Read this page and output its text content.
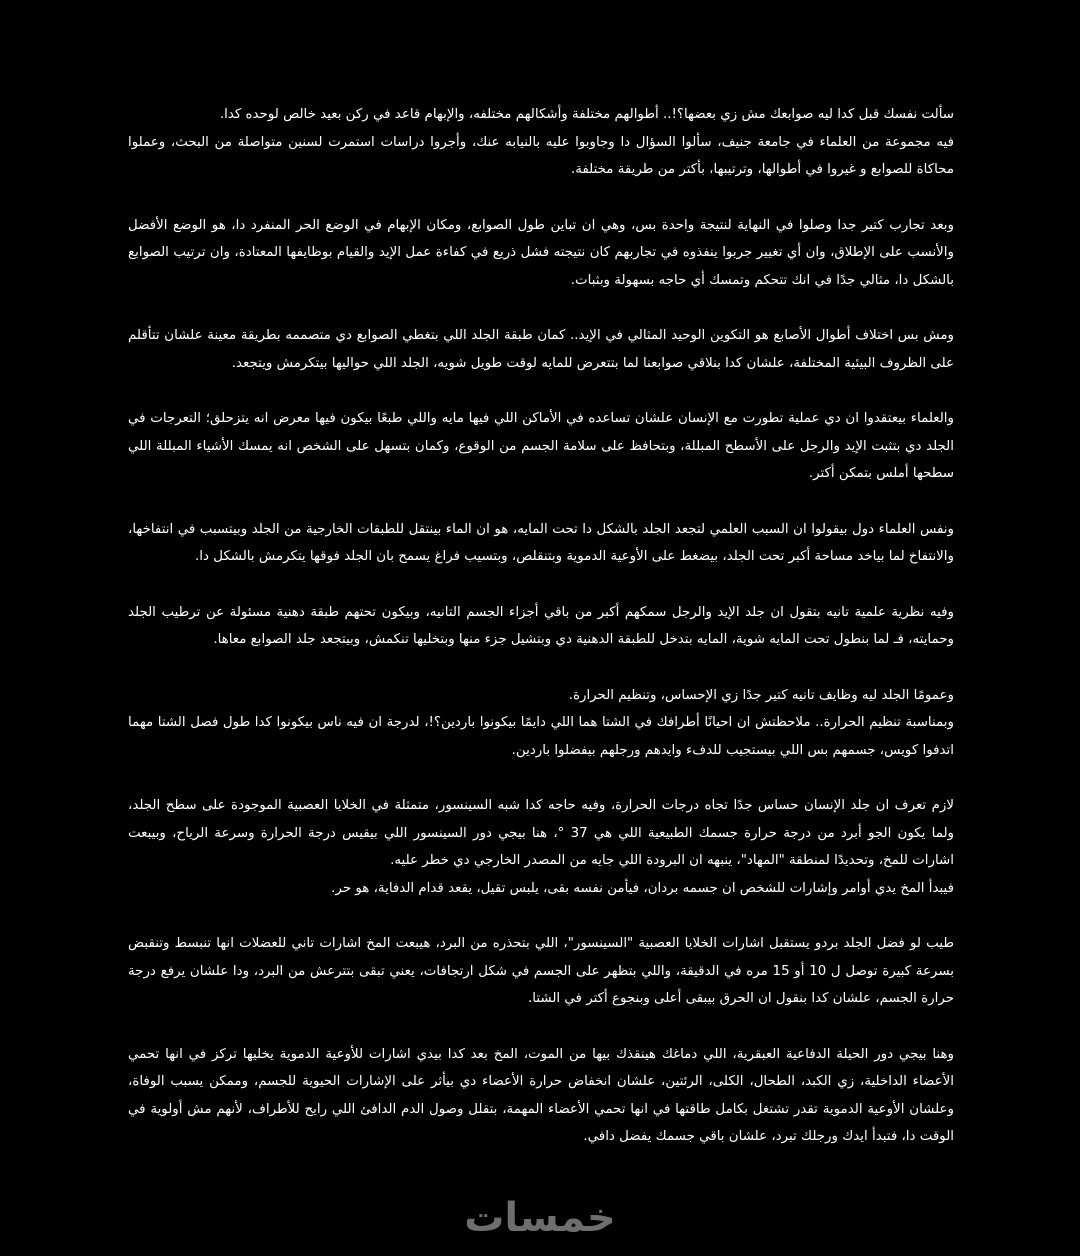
سألت نفسك قبل كدا ليه صوابعك مش زي بعضها؟!.. أطوالهم مختلفة وأشكالهم مختلفه، والإبهام قاعد في ركن بعيد خالص لوحده كدا.
فيه مجموعة من العلماء في جامعة جنيف، سألوا السؤال دا وجاوبوا عليه بالنيابه عنك، وأجروا دراسات استمرت لسنين متواصلة من البحث، وعملوا محاكاة للصوابع و غيروا في أطوالها، وترتيبها، بأكتر من طريقة مختلفة.

وبعد تجارب كتير جدا وصلوا في النهاية لنتيجة واحدة بس، وهي ان تباين طول الصوابع، ومكان الإبهام في الوضع الحر المنفرد دا، هو الوضع الأفضل والأنسب على الإطلاق، وان أي تغيير جربوا ينفذوه في تجاربهم كان نتيجته فشل ذريع في كفاءة عمل الإيد والقيام بوظايفها المعتادة، وان ترتيب الصوابع بالشكل دا، مثالي جدًا في انك تتحكم وتمسك أي حاجه بسهولة وبثبات.

ومش بس اختلاف أطوال الأصابع هو التكوين الوحيد المثالي في الإيد.. كمان طبقة الجلد اللي بتغطي الصوابع دي متصممه بطريقة معينة علشان تتأقلم على الظروف البيئية المختلفة، علشان كدا بنلاقي صوابعنا لما بتتعرض للمايه لوقت طويل شويه، الجلد اللي حواليها بيتكرمش ويتجعد.

والعلماء بيعتقدوا ان دي عملية تطورت مع الإنسان علشان تساعده في الأماكن اللي فيها مايه واللي طبعًا بيكون فيها معرض انه يتزحلق؛ التعرجات في الجلد دي بتثبت الإيد والرجل على الأسطح المبللة، وبتحافظ على سلامة الجسم من الوقوع، وكمان بتسهل على الشخص انه يمسك الأشياء المبللة اللي سطحها أملس بتمكن أكتر.

ونفس العلماء دول بيقولوا ان السبب العلمي لتجعد الجلد بالشكل دا تحت المايه، هو ان الماء بينتقل للطبقات الخارجية من الجلد وبيتسبب في انتفاخها، والانتفاخ لما بياخد مساحة أكبر تحت الجلد، بيضغط على الأوعية الدموية وبتنقلص، وبتسيب فراغ يسمح بان الجلد فوقها يتكرمش بالشكل دا.

وفيه نظرية علمية تانيه بتقول ان جلد الإيد والرجل سمكهم أكبر من باقي أجزاء الجسم التانيه، وبيكون تحتهم طبقة دهنية مسئولة عن ترطيب الجلد وحمايته، فـ لما بنطول تحت المايه شوية، المايه بتدخل للطبقة الدهنية دي وبتشيل جزء منها وبتخليها تنكمش، وبيتجعد جلد الصوابع معاها.

وعمومًا الجلد ليه وظايف تانيه كتير جدًا زي الإحساس، وتنظيم الحرارة.
وبمناسبة تنظيم الحرارة.. ملاحظتش ان احيانًا أطرافك في الشتا هما اللي دايمًا بيكونوا باردين؟!، لدرجة ان فيه ناس بيكونوا كدا طول فصل الشتا مهما اتدفوا كويس، جسمهم بس اللي بيستجيب للدفء وايدهم ورجلهم بيفضلوا باردين.

لازم تعرف ان جلد الإنسان حساس جدًا تجاه درجات الحرارة، وفيه حاجه كدا شبه السينسور، متمثلة في الخلايا العصبية الموجودة على سطح الجلد، ولما يكون الجو أبرد من درجة حرارة جسمك الطبيعية اللي هي 37 °، هنا بيجي دور السينسور اللي بيقيس درجة الحرارة وسرعة الرياح، وبيبعت اشارات للمخ، وتحديدًا لمنطقة "المهاد"، ينبهه ان البرودة اللي جايه من المصدر الخارجي دي خطر عليه.
فيبدأ المخ يدي أوامر وإشارات للشخص ان جسمه بردان، فيأمن نفسه بقى، يلبس تقيل، يقعد قدام الدفاية، هو حر.

طيب لو فضل الجلد بردو يستقبل اشارات الخلايا العصبية "السينسور"، اللي بتحذره من البرد، هيبعت المخ اشارات تاني للعضلات انها تنبسط وتنقبض بسرعة كبيرة توصل ل 10 أو 15 مره في الدقيقة، واللي بتظهر على الجسم في شكل ارتجافات، يعني تبقى بتترعش من البرد، ودا علشان يرفع درجة حرارة الجسم، علشان كدا بنقول ان الحرق بيبقى أعلى وبنجوع أكتر في الشتا.

وهنا بيجي دور الحيلة الدفاعية العبقرية، اللي دماغك هينقذك بيها من الموت، المخ بعد كدا بيدي اشارات للأوعية الدموية يخليها تركز في انها تحمي الأعضاء الداخلية، زي الكبد، الطحال، الكلى، الرئتين، علشان انخفاض حرارة الأعضاء دي بيأثر على الإشارات الحيوية للجسم، وممكن يسبب الوفاة، وعلشان الأوعية الدموية تقدر تشتغل بكامل طاقتها في انها تحمي الأعضاء المهمة، بتقلل وصول الدم الدافئ اللي رايح للأطراف، لأنهم مش أولوية في الوقت دا، فتبدأ ايدك ورجلك تبرد، علشان باقي جسمك يفضل دافي.

خمسات
